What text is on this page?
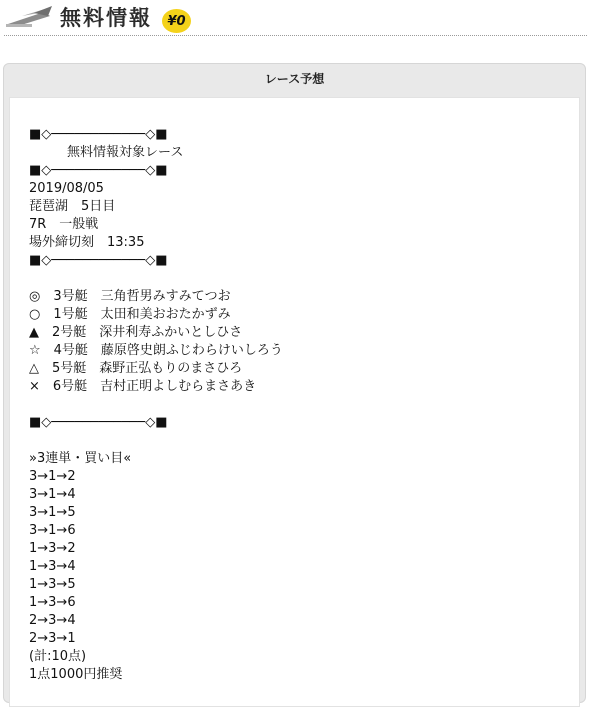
無料情報	¥0
レース予想
■◇────────────◇■
無料情報対象レース
■◇────────────◇■
2019/08/05
琵琶湖　5日目
7R　一般戦
場外締切刻　13:35
■◇────────────◇■
◎　3号艇　三角哲男みすみてつお
○　1号艇　太田和美おおたかずみ
▲　2号艇　深井利寿ふかいとしひさ
☆　4号艇　藤原啓史朗ふじわらけいしろう
△　5号艇　森野正弘もりのまさひろ
×　6号艇　吉村正明よしむらまさあき
■◇────────────◇■
»3連単・買い目«
3→1→2
3→1→4
3→1→5
3→1→6
1→3→2
1→3→4
1→3→5
1→3→6
2→3→4
2→3→1
(計:10点)
1点1000円推奨
